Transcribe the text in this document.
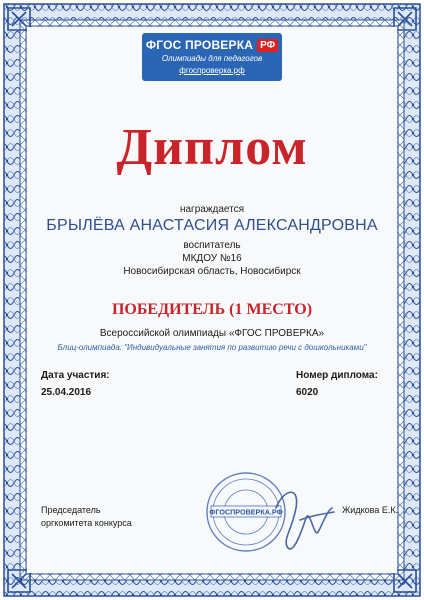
ФГОС ПРОВЕРКА РФ
Олимпиады для педагогов
фгоспроверка.рф
Диплом
награждается
БРЫЛЁВА АНАСТАСИЯ АЛЕКСАНДРОВНА
воспитатель
МКДОУ №16
Новосибирская область, Новосибирск
ПОБЕДИТЕЛЬ (1 МЕСТО)
Всероссийской олимпиады «ФГОС ПРОВЕРКА»
Блиц-олимпиада: "Индивидуальные занятия по развитию речи с дошкольниками"
Дата участия:
25.04.2016
Номер диплома:
6020
Председатель
оргкомитета конкурса
ФГОСПРОВЕРКА.РФ	Жидкова Е.К.
